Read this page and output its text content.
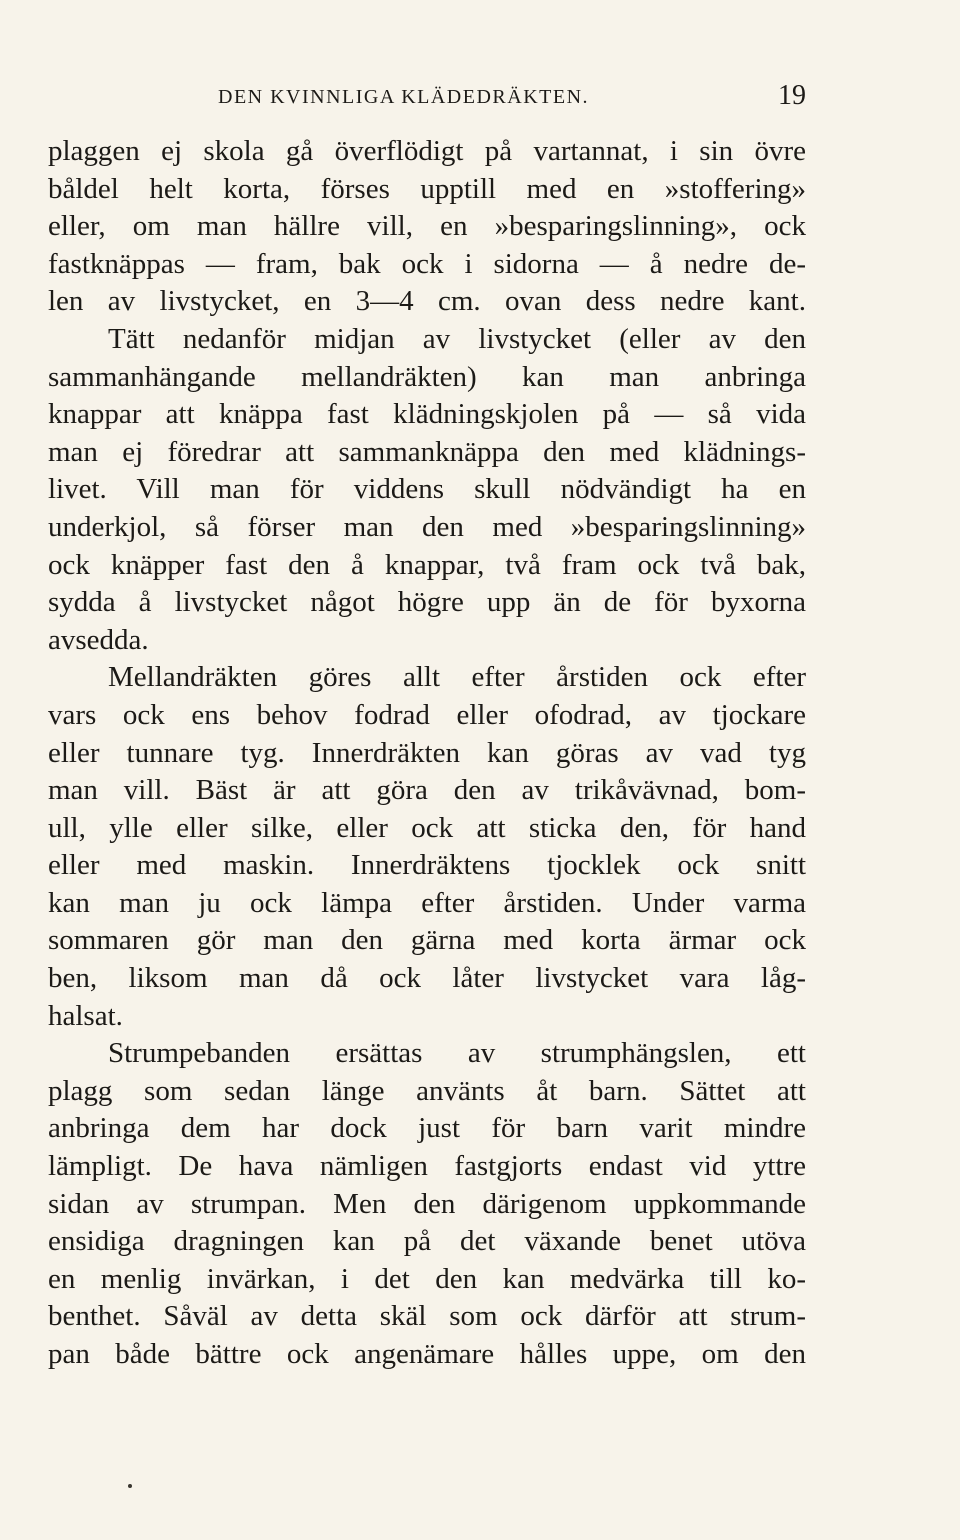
DEN KVINNLIGA KLÄDEDRÄKTEN.	19
plaggen ej skola gå överflödigt på vartannat, i sin övre
båldel helt korta, förses upptill med en »stoffering»
eller, om man hällre vill, en »besparingslinning», ock
fastknäppas — fram, bak ock i sidorna — å nedre de-
len av livstycket, en 3—4 cm. ovan dess nedre kant.
Tätt nedanför midjan av livstycket (eller av den
sammanhängande mellandräkten) kan man anbringa
knappar att knäppa fast klädningskjolen på — så vida
man ej föredrar att sammanknäppa den med klädnings-
livet. Vill man för viddens skull nödvändigt ha en
underkjol, så förser man den med »besparingslinning»
ock knäpper fast den å knappar, två fram ock två bak,
sydda å livstycket något högre upp än de för byxorna
avsedda.
Mellandräkten göres allt efter årstiden ock efter
vars ock ens behov fodrad eller ofodrad, av tjockare
eller tunnare tyg. Innerdräkten kan göras av vad tyg
man vill. Bäst är att göra den av trikåvävnad, bom-
ull, ylle eller silke, eller ock att sticka den, för hand
eller med maskin. Innerdräktens tjocklek ock snitt
kan man ju ock lämpa efter årstiden. Under varma
sommaren gör man den gärna med korta ärmar ock
ben, liksom man då ock låter livstycket vara låg-
halsat.
Strumpebanden ersättas av strumphängslen, ett
plagg som sedan länge använts åt barn. Sättet att
anbringa dem har dock just för barn varit mindre
lämpligt. De hava nämligen fastgjorts endast vid yttre
sidan av strumpan. Men den därigenom uppkommande
ensidiga dragningen kan på det växande benet utöva
en menlig invärkan, i det den kan medvärka till ko-
benthet. Såväl av detta skäl som ock därför att strum-
pan både bättre ock angenämare hålles uppe, om den
